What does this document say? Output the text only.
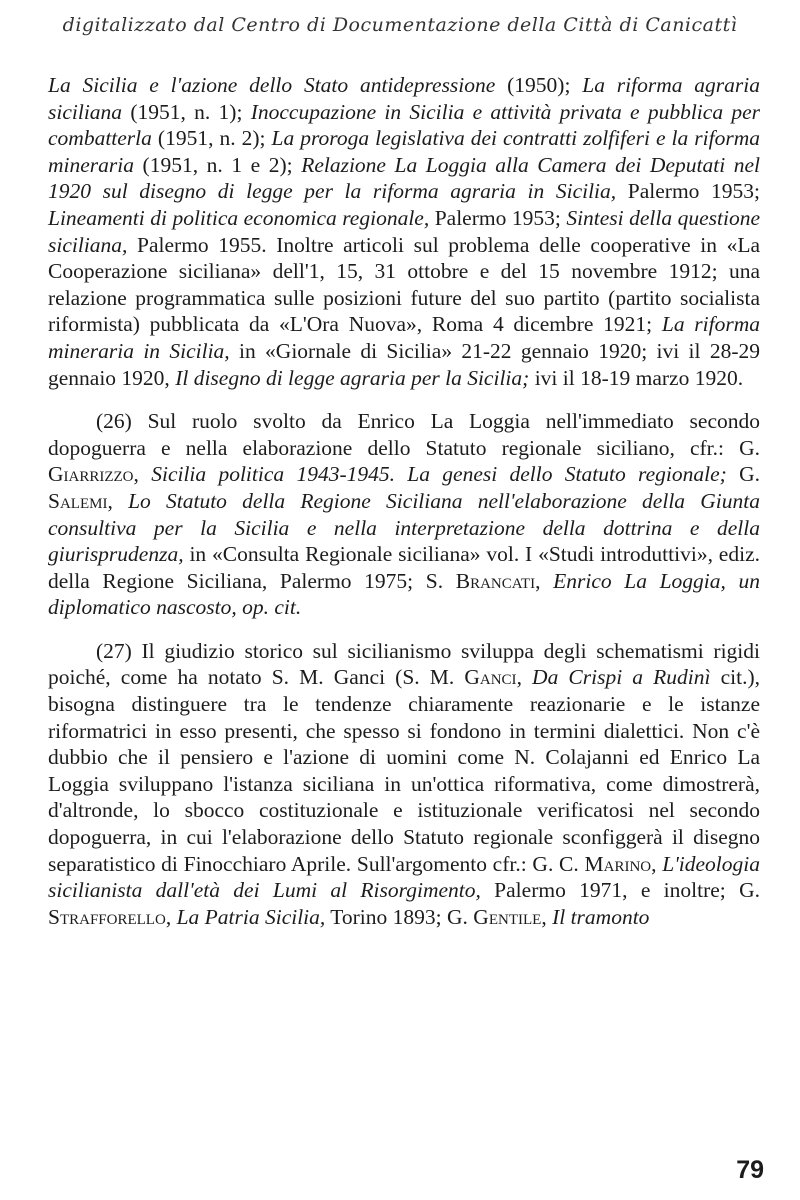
digitalizzato dal Centro di Documentazione della Città di Canicattì

La Sicilia e l'azione dello Stato antidepressione (1950); La riforma agraria siciliana (1951, n. 1); Inoccupazione in Sicilia e attività privata e pubblica per combatterla (1951, n. 2); La proroga legislativa dei contratti zolfiferi e la riforma mineraria (1951, n. 1 e 2); Relazione La Loggia alla Camera dei Deputati nel 1920 sul disegno di legge per la riforma agraria in Sicilia, Palermo 1953; Lineamenti di politica economica regionale, Palermo 1953; Sintesi della questione siciliana, Palermo 1955. Inoltre articoli sul problema delle cooperative in «La Cooperazione siciliana» dell'1, 15, 31 ottobre e del 15 novembre 1912; una relazione programmatica sulle posizioni future del suo partito (partito socialista riformista) pubblicata da «L'Ora Nuova», Roma 4 dicembre 1921; La riforma mineraria in Sicilia, in «Giornale di Sicilia» 21-22 gennaio 1920; ivi il 28-29 gennaio 1920, Il disegno di legge agraria per la Sicilia; ivi il 18-19 marzo 1920.

(26) Sul ruolo svolto da Enrico La Loggia nell'immediato secondo dopoguerra e nella elaborazione dello Statuto regionale siciliano, cfr.: G. Giarrizzo, Sicilia politica 1943-1945. La genesi dello Statuto regionale; G. Salemi, Lo Statuto della Regione Siciliana nell'elaborazione della Giunta consultiva per la Sicilia e nella interpretazione della dottrina e della giurisprudenza, in «Consulta Regionale siciliana» vol. I «Studi introduttivi», ediz. della Regione Siciliana, Palermo 1975; S. Brancati, Enrico La Loggia, un diplomatico nascosto, op. cit.

(27) Il giudizio storico sul sicilianismo sviluppa degli schematismi rigidi poiché, come ha notato S. M. Ganci (S. M. Ganci, Da Crispi a Rudinì cit.), bisogna distinguere tra le tendenze chiaramente reazionarie e le istanze riformatrici in esso presenti, che spesso si fondono in termini dialettici. Non c'è dubbio che il pensiero e l'azione di uomini come N. Colajanni ed Enrico La Loggia sviluppano l'istanza siciliana in un'ottica riformativa, come dimostrerà, d'altronde, lo sbocco costituzionale e istituzionale verificatosi nel secondo dopoguerra, in cui l'elaborazione dello Statuto regionale sconfiggerà il disegno separatistico di Finocchiaro Aprile. Sull'argomento cfr.: G. C. Marino, L'ideologia sicilianista dall'età dei Lumi al Risorgimento, Palermo 1971, e inoltre; G. Strafforello, La Patria Sicilia, Torino 1893; G. Gentile, Il tramonto

79
